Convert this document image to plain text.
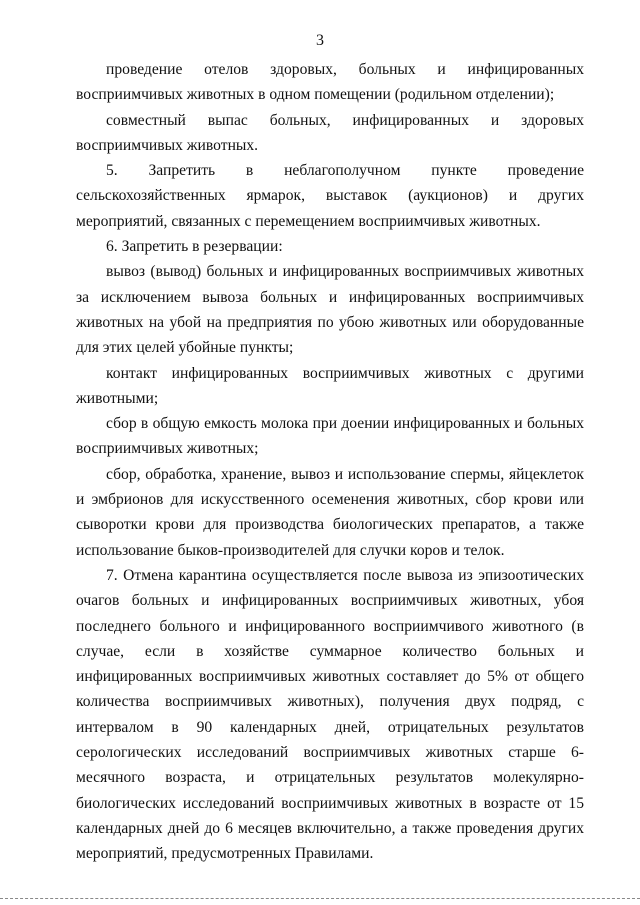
3

проведение отелов здоровых, больных и инфицированных восприимчивых животных в одном помещении (родильном отделении);

совместный выпас больных, инфицированных и здоровых восприимчивых животных.

5. Запретить в неблагополучном пункте проведение сельскохозяйственных ярмарок, выставок (аукционов) и других мероприятий, связанных с перемещением восприимчивых животных.

6. Запретить в резервации:

вывоз (вывод) больных и инфицированных восприимчивых животных за исключением вывоза больных и инфицированных восприимчивых животных на убой на предприятия по убою животных или оборудованные для этих целей убойные пункты;

контакт инфицированных восприимчивых животных с другими животными;

сбор в общую емкость молока при доении инфицированных и больных восприимчивых животных;

сбор, обработка, хранение, вывоз и использование спермы, яйцеклеток и эмбрионов для искусственного осеменения животных, сбор крови или сыворотки крови для производства биологических препаратов, а также использование быков-производителей для случки коров и телок.

7. Отмена карантина осуществляется после вывоза из эпизоотических очагов больных и инфицированных восприимчивых животных, убоя последнего больного и инфицированного восприимчивого животного (в случае, если в хозяйстве суммарное количество больных и инфицированных восприимчивых животных составляет до 5% от общего количества восприимчивых животных), получения двух подряд, с интервалом в 90 календарных дней, отрицательных результатов серологических исследований восприимчивых животных старше 6-месячного возраста, и отрицательных результатов молекулярно-биологических исследований восприимчивых животных в возрасте от 15 календарных дней до 6 месяцев включительно, а также проведения других мероприятий, предусмотренных Правилами.
